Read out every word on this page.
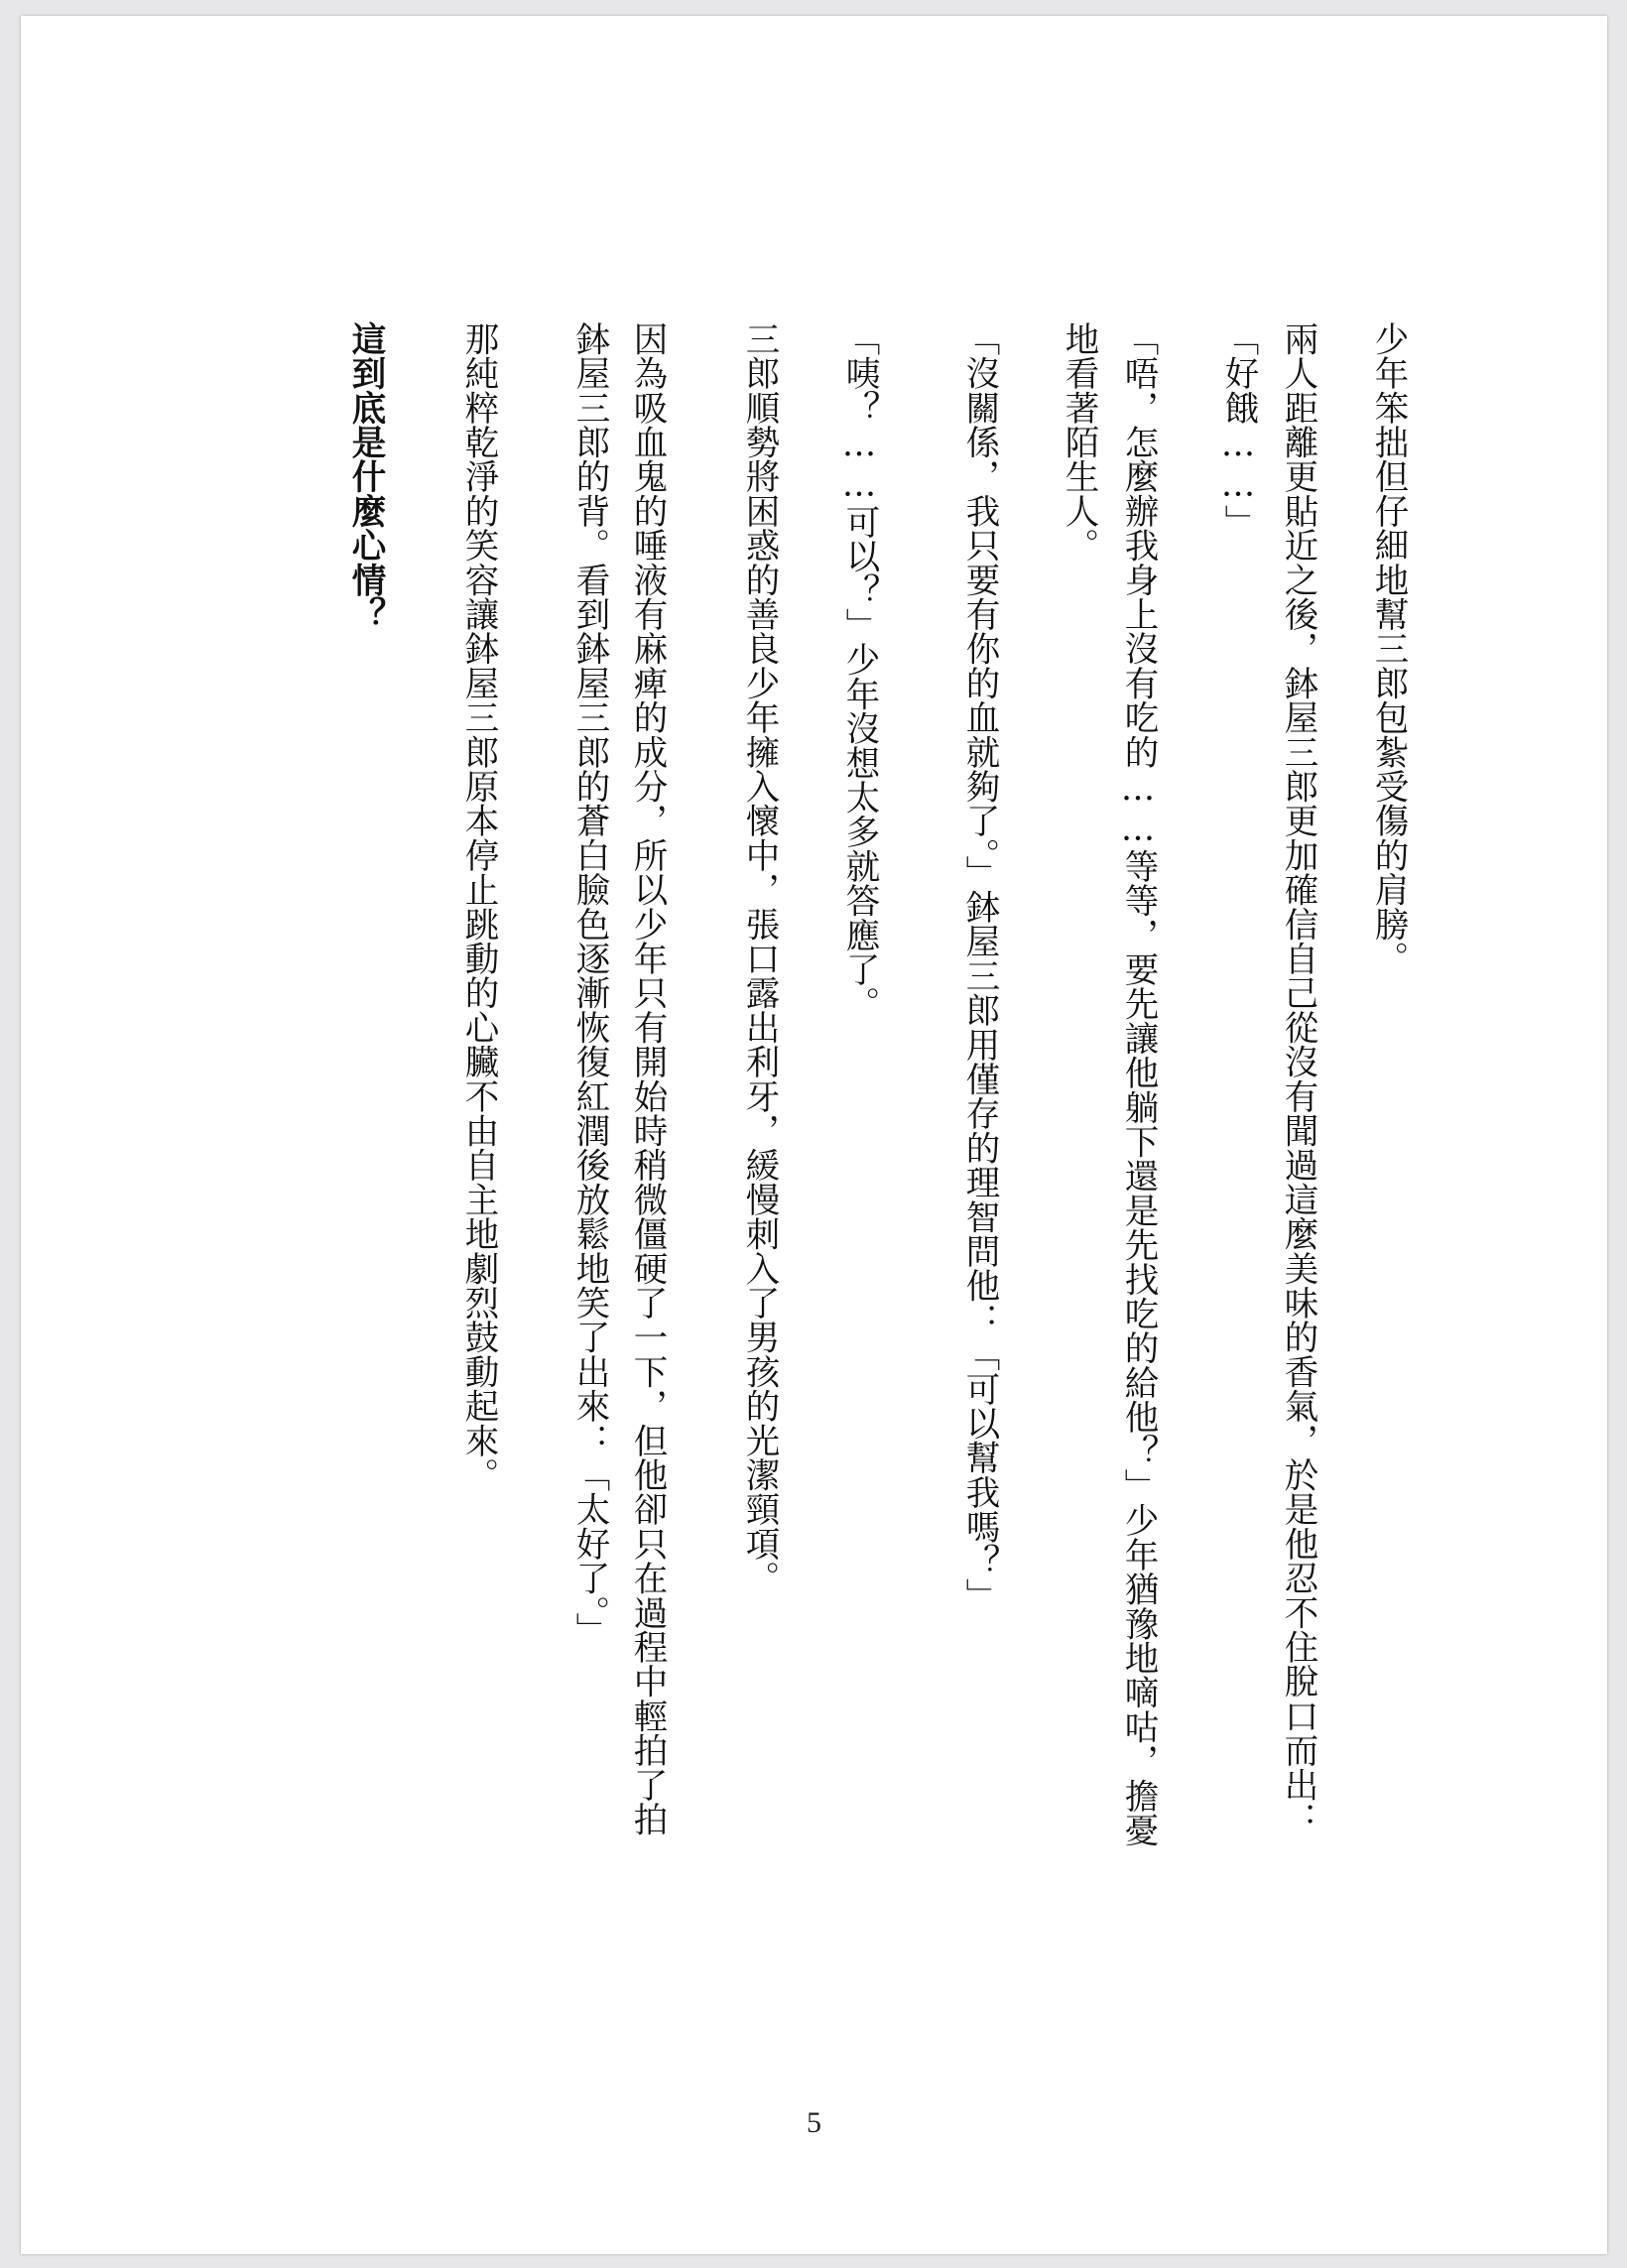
少年笨拙但仔細地幫三郎包紮受傷的肩膀。
兩人距離更貼近之後，鉢屋三郎更加確信自己從沒有聞過這麼美味的香氣，於是他忍不住脫口而出：
「好餓……」
「唔，怎麼辦我身上沒有吃的……等等，要先讓他躺下還是先找吃的給他？」少年猶豫地嘀咕，擔憂
地看著陌生人。
「沒關係，我只要有你的血就夠了。」鉢屋三郎用僅存的理智問他：「可以幫我嗎？」
「咦？……可以？」少年沒想太多就答應了。
三郎順勢將困惑的善良少年擁入懷中，張口露出利牙，緩慢刺入了男孩的光潔頸項。
因為吸血鬼的唾液有麻痺的成分，所以少年只有開始時稍微僵硬了一下，但他卻只在過程中輕拍了拍
鉢屋三郎的背。看到鉢屋三郎的蒼白臉色逐漸恢復紅潤後放鬆地笑了出來：「太好了。」
那純粹乾淨的笑容讓鉢屋三郎原本停止跳動的心臟不由自主地劇烈鼓動起來。
這到底是什麼心情？
5
